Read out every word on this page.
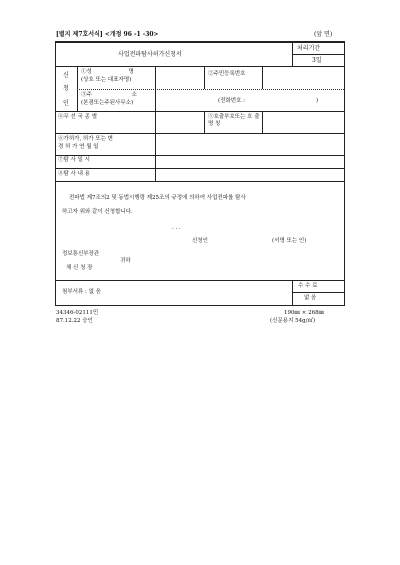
[별지 제7호서식] <개정 96 -1 -30>	(앞 면)
사업전파탐사허가신청서
처리기간
3일
신
청
인
①성 명
(상호 또는 대표자명)
②주민등록번호
③주 소
(본점또는주된사무소)	(전화번호 :	)
④무 선 국 종 별	⑤호출부호또는 호 출 명 칭
⑥가허가, 허가 또는 변
경 허 가 연 월 일
⑦탐 사 일 시
⑧탐 사 내 용
전파법 제7조의2 및 동법시행령 제25조의 규정에 의하여 사업전파를 탐사
하고자 위와 같이 신청합니다.
. . .
신청인	(서명 또는 인)
정보통신부장관
체 신 청 장
귀하
첨부서류 : 없 음
수 수 료
없 음
34346-02111민
87.12.22 승인
190㎜ × 268㎜
(신문용지 54g/㎡)
